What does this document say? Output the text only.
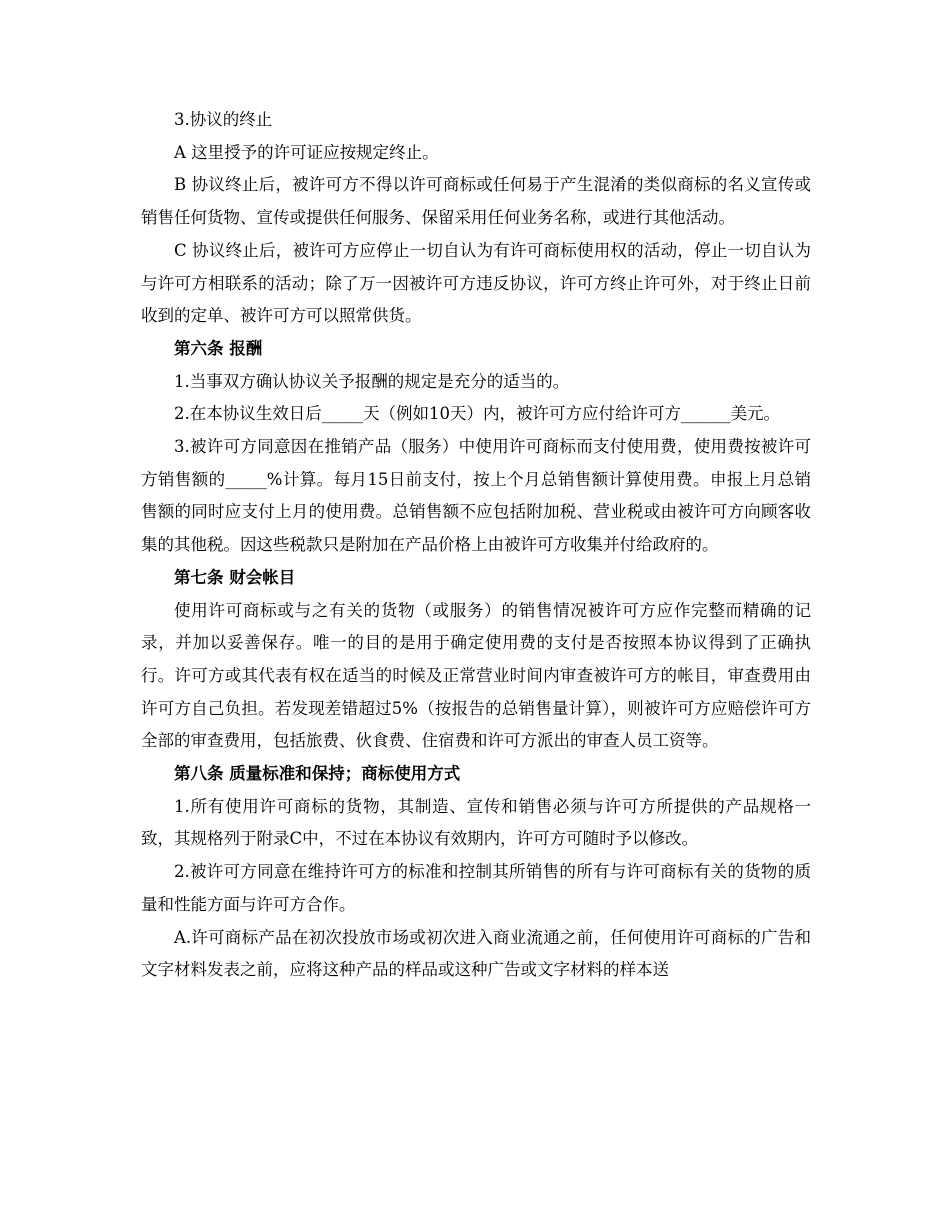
3.协议的终止

A 这里授予的许可证应按规定终止。

B 协议终止后，被许可方不得以许可商标或任何易于产生混淆的类似商标的名义宣传或销售任何货物、宣传或提供任何服务、保留采用任何业务名称，或进行其他活动。

C 协议终止后，被许可方应停止一切自认为有许可商标使用权的活动，停止一切自认为与许可方相联系的活动；除了万一因被许可方违反协议，许可方终止许可外，对于终止日前收到的定单、被许可方可以照常供货。

第六条 报酬

1.当事双方确认协议关予报酬的规定是充分的适当的。

2.在本协议生效日后_____天（例如10天）内，被许可方应付给许可方______美元。

3.被许可方同意因在推销产品（服务）中使用许可商标而支付使用费，使用费按被许可方销售额的_____%计算。每月15日前支付，按上个月总销售额计算使用费。申报上月总销售额的同时应支付上月的使用费。总销售额不应包括附加税、营业税或由被许可方向顾客收集的其他税。因这些税款只是附加在产品价格上由被许可方收集并付给政府的。

第七条 财会帐目

使用许可商标或与之有关的货物（或服务）的销售情况被许可方应作完整而精确的记录，并加以妥善保存。唯一的目的是用于确定使用费的支付是否按照本协议得到了正确执行。许可方或其代表有权在适当的时候及正常营业时间内审查被许可方的帐目，审查费用由许可方自己负担。若发现差错超过5%（按报告的总销售量计算），则被许可方应赔偿许可方全部的审查费用，包括旅费、伙食费、住宿费和许可方派出的审查人员工资等。

第八条 质量标准和保持；商标使用方式

1.所有使用许可商标的货物，其制造、宣传和销售必须与许可方所提供的产品规格一致，其规格列于附录C中，不过在本协议有效期内，许可方可随时予以修改。

2.被许可方同意在维持许可方的标准和控制其所销售的所有与许可商标有关的货物的质量和性能方面与许可方合作。

A.许可商标产品在初次投放市场或初次进入商业流通之前，任何使用许可商标的广告和文字材料发表之前，应将这种产品的样品或这种广告或文字材料的样本送
